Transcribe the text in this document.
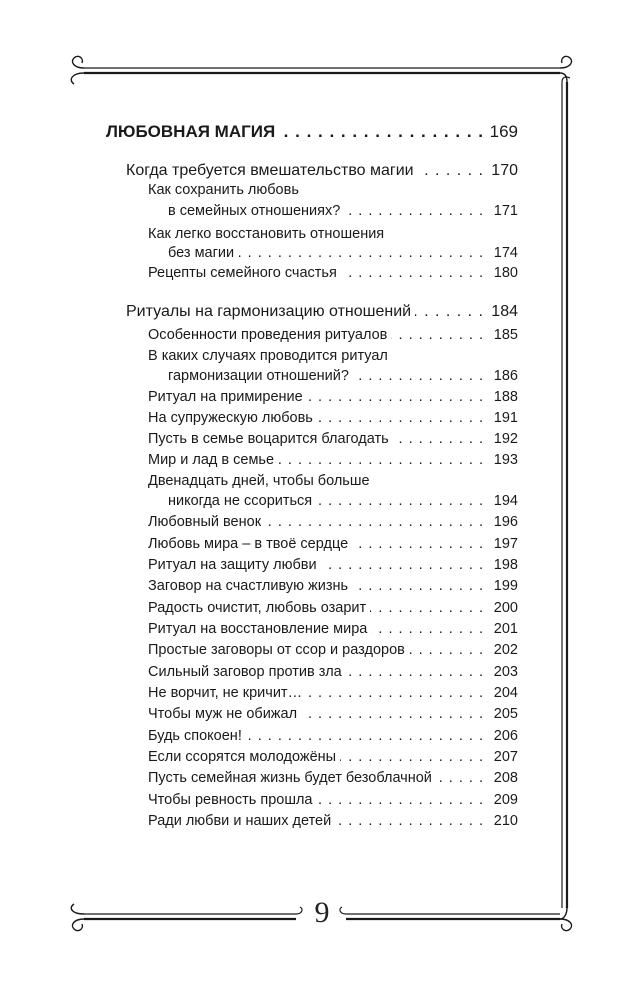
ЛЮБОВНАЯ МАГИЯ . . .	169
Когда требуется вмешательство магии . . .	170
Как сохранить любовь
в семейных отношениях? . . .	171
Как легко восстановить отношения
без магии . . .	174
Рецепты семейного счастья . . .	180
Ритуалы на гармонизацию отношений . . .	184
Особенности проведения ритуалов . . .	185
В каких случаях проводится ритуал
гармонизации отношений? . . .	186
Ритуал на примирение . . .	188
На супружескую любовь . . .	191
Пусть в семье воцарится благодать . . .	192
Мир и лад в семье . . .	193
Двенадцать дней, чтобы больше
никогда не ссориться . . .	194
Любовный венок . . .	196
Любовь мира – в твоё сердце . . .	197
Ритуал на защиту любви . . .	198
Заговор на счастливую жизнь . . .	199
Радость очистит, любовь озарит . . .	200
Ритуал на восстановление мира . . .	201
Простые заговоры от ссор и раздоров . . .	202
Сильный заговор против зла . . .	203
Не ворчит, не кричит… . . .	204
Чтобы муж не обижал . . .	205
Будь спокоен! . . .	206
Если ссорятся молодожёны . . .	207
Пусть семейная жизнь будет безоблачной . . .	208
Чтобы ревность прошла . . .	209
Ради любви и наших детей . . .	210
9
